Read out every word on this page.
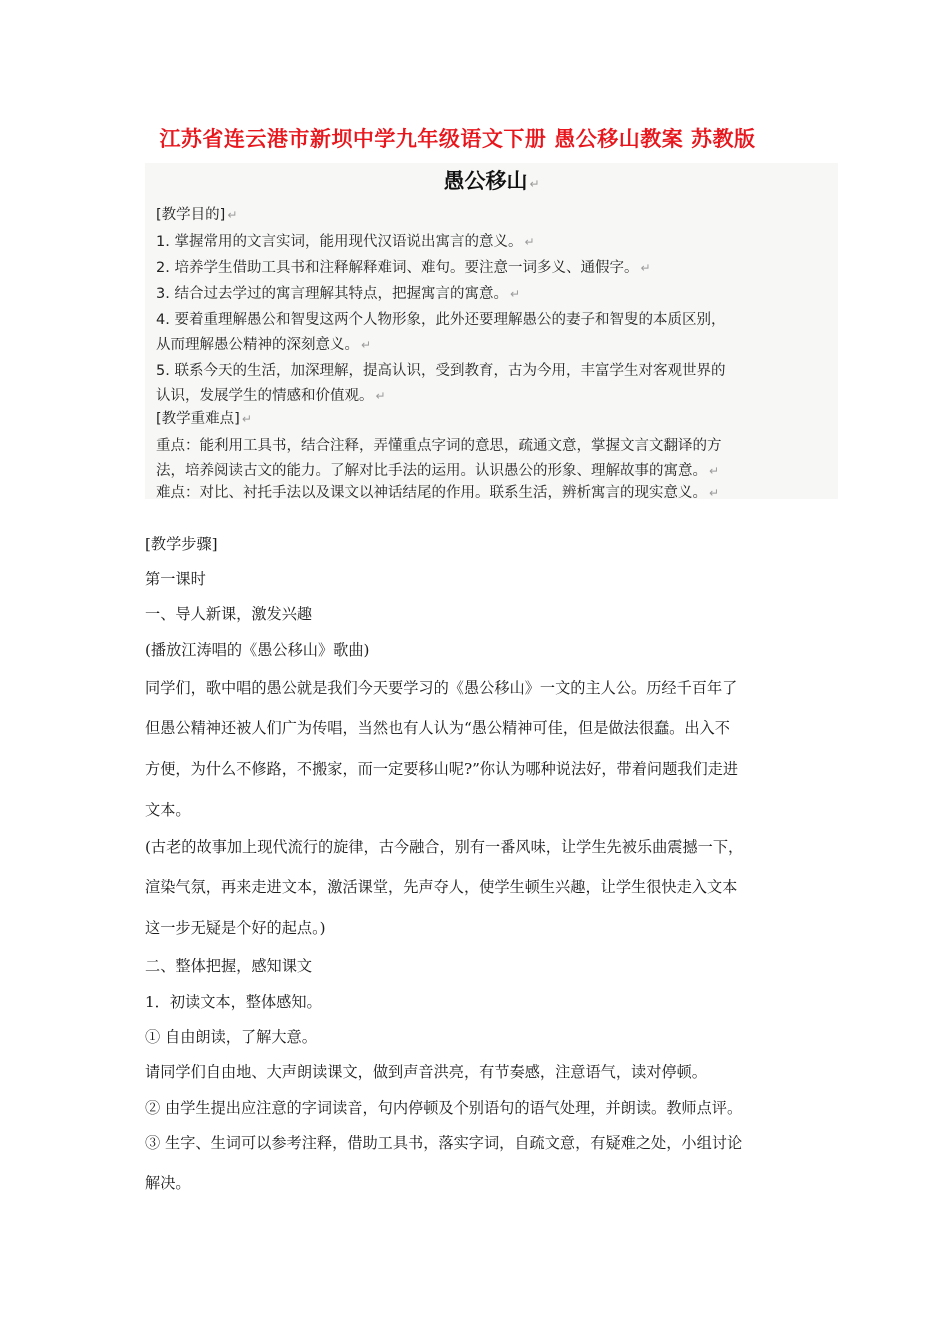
江苏省连云港市新坝中学九年级语文下册 愚公移山教案 苏教版
愚公移山 ↵
[教学目的] ↵
1. 掌握常用的文言实词，能用现代汉语说出寓言的意义。 ↵
2. 培养学生借助工具书和注释解释难词、难句。要注意一词多义、通假字。 ↵
3. 结合过去学过的寓言理解其特点，把握寓言的寓意。 ↵
4. 要着重理解愚公和智叟这两个人物形象，此外还要理解愚公的妻子和智叟的本质区别，
从而理解愚公精神的深刻意义。 ↵
5. 联系今天的生活，加深理解，提高认识，受到教育，古为今用，丰富学生对客观世界的
认识，发展学生的情感和价值观。 ↵
[教学重难点] ↵
重点：能利用工具书，结合注释，弄懂重点字词的意思，疏通文意，掌握文言文翻译的方
法，培养阅读古文的能力。了解对比手法的运用。认识愚公的形象、理解故事的寓意。 ↵
难点：对比、衬托手法以及课文以神话结尾的作用。联系生活，辨析寓言的现实意义。 ↵
[教学步骤]
第一课时
一、导人新课，激发兴趣
(播放江涛唱的《愚公移山》歌曲)
同学们，歌中唱的愚公就是我们今天要学习的《愚公移山》一文的主人公。历经千百年了
但愚公精神还被人们广为传唱，当然也有人认为“愚公精神可佳，但是做法很蠢。出入不
方便，为什么不修路，不搬家，而一定要移山呢?”你认为哪种说法好，带着问题我们走进
文本。
(古老的故事加上现代流行的旋律，古今融合，别有一番风味，让学生先被乐曲震撼一下，
渲染气氛，再来走进文本，激活课堂，先声夺人，使学生顿生兴趣，让学生很快走入文本
这一步无疑是个好的起点。)
二、整体把握，感知课文
1．初读文本，整体感知。
① 自由朗读，了解大意。
请同学们自由地、大声朗读课文，做到声音洪亮，有节奏感，注意语气，读对停顿。
② 由学生提出应注意的字词读音，句内停顿及个别语句的语气处理，并朗读。教师点评。
③ 生字、生词可以参考注释，借助工具书，落实字词，自疏文意，有疑难之处，小组讨论
解决。
